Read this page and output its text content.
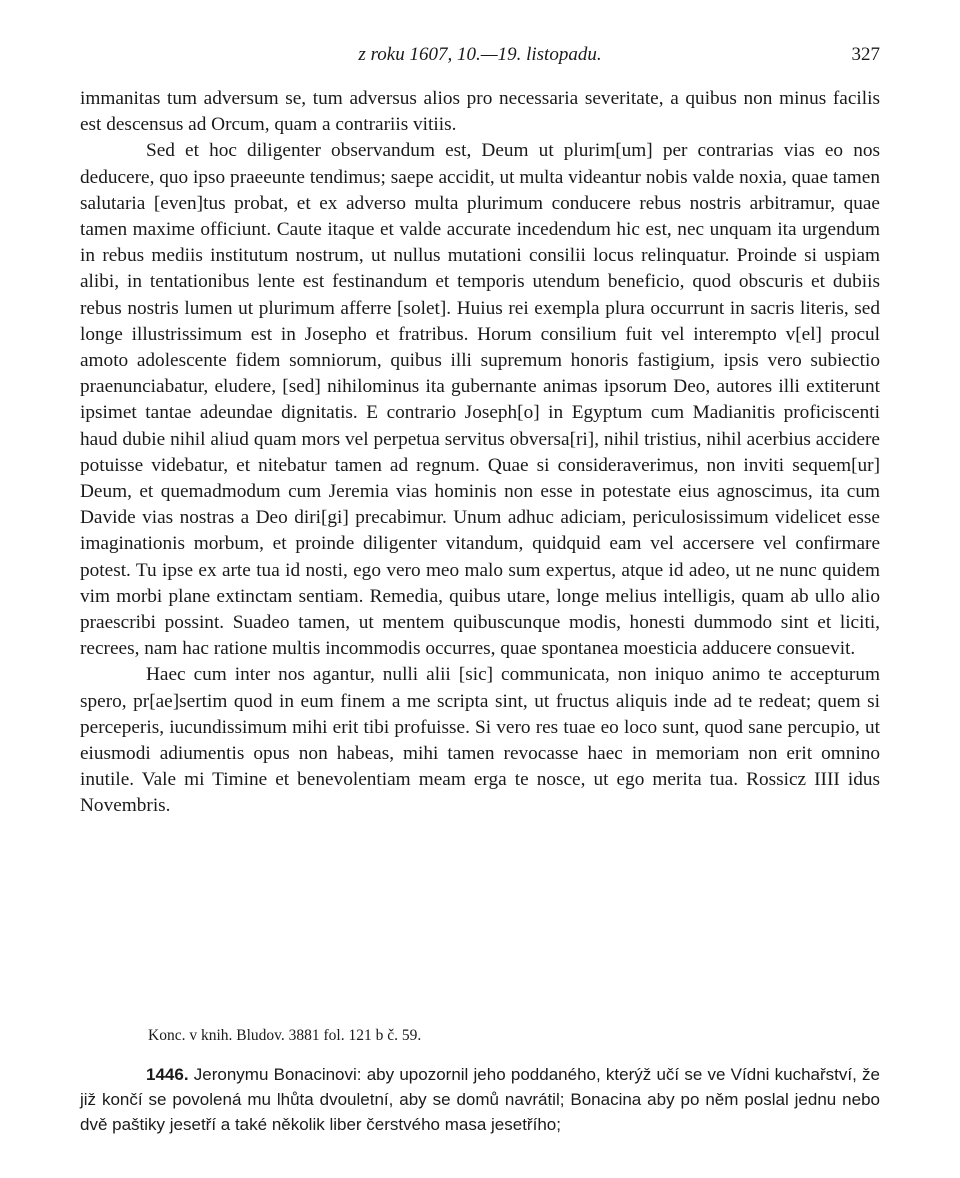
z roku 1607, 10.—19. listopadu.	327

immanitas tum adversum se, tum adversus alios pro necessaria severitate, a quibus non minus facilis est descensus ad Orcum, quam a contrariis vitiis.

Sed et hoc diligenter observandum est, Deum ut plurim[um] per contrarias vias eo nos deducere, quo ipso praeeunte tendimus; saepe accidit, ut multa videantur nobis valde noxia, quae tamen salutaria [even]tus probat, et ex adverso multa plurimum conducere rebus nostris arbitramur, quae tamen maxime officiunt. Caute itaque et valde accurate incedendum hic est, nec unquam ita urgendum in rebus mediis institutum nostrum, ut nullus mutationi consilii locus relinquatur. Proinde si uspiam alibi, in tentationibus lente est festinandum et temporis utendum beneficio, quod obscuris et dubiis rebus nostris lumen ut plurimum afferre [solet]. Huius rei exempla plura occurrunt in sacris literis, sed longe illustrissimum est in Josepho et fratribus. Horum consilium fuit vel interempto v[el] procul amoto adolescente fidem somniorum, quibus illi supremum honoris fastigium, ipsis vero subiectio praenunciabatur, eludere, [sed] nihilominus ita gubernante animas ipsorum Deo, autores illi extiterunt ipsimet tantae adeundae dignitatis. E contrario Joseph[o] in Egyptum cum Madianitis proficiscenti haud dubie nihil aliud quam mors vel perpetua servitus obversa[ri], nihil tristius, nihil acerbius accidere potuisse videbatur, et nitebatur tamen ad regnum. Quae si consideraverimus, non inviti sequem[ur] Deum, et quemadmodum cum Jeremia vias hominis non esse in potestate eius agnoscimus, ita cum Davide vias nostras a Deo diri[gi] precabimur. Unum adhuc adiciam, periculosissimum videlicet esse imaginationis morbum, et proinde diligenter vitandum, quidquid eam vel accersere vel confirmare potest. Tu ipse ex arte tua id nosti, ego vero meo malo sum expertus, atque id adeo, ut ne nunc quidem vim morbi plane extinctam sentiam. Remedia, quibus utare, longe melius intelligis, quam ab ullo alio praescribi possint. Suadeo tamen, ut mentem quibuscunque modis, honesti dummodo sint et liciti, recrees, nam hac ratione multis incommodis occurres, quae spontanea moesticia adducere consuevit.

Haec cum inter nos agantur, nulli alii [sic] communicata, non iniquo animo te accepturum spero, pr[ae]sertim quod in eum finem a me scripta sint, ut fructus aliquis inde ad te redeat; quem si perceperis, iucundissimum mihi erit tibi profuisse. Si vero res tuae eo loco sunt, quod sane percupio, ut eiusmodi adiumentis opus non habeas, mihi tamen revocasse haec in memoriam non erit omnino inutile. Vale mi Timine et benevolentiam meam erga te nosce, ut ego merita tua. Rossicz IIII idus Novembris.

Konc. v knih. Bludov. 3881 fol. 121 b č. 59.

1446. Jeronymu Bonacinovi: aby upozornil jeho poddaného, kterýž učí se ve Vídni kuchařství, že již končí se povolená mu lhůta dvouletní, aby se domů navrátil; Bonacina aby po něm poslal jednu nebo dvě paštiky jesetří a také několik liber čerstvého masa jesetřího;
